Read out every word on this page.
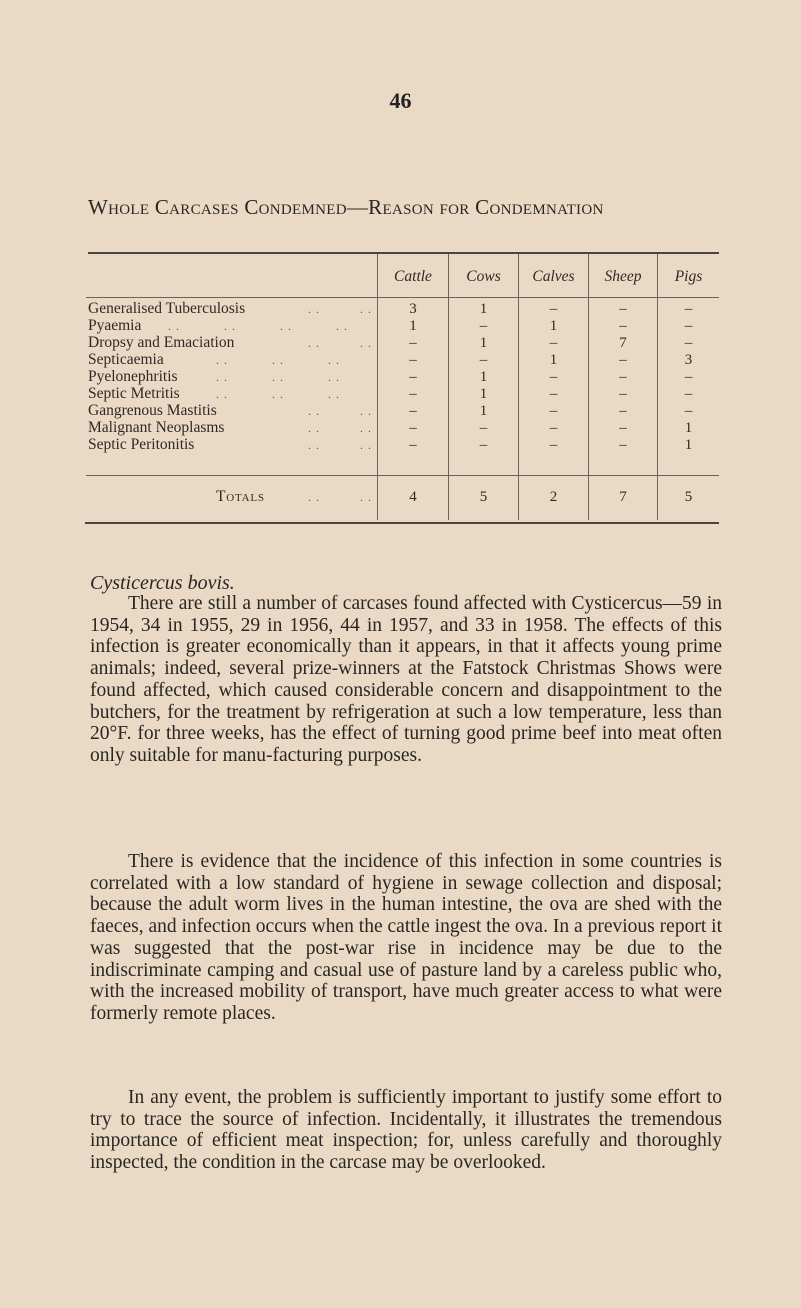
46
Whole Carcases Condemned—Reason for Condemnation
Cattle	Cows	Calves	Sheep	Pigs
Generalised Tuberculosis	. .          . .	3	1	–	–	–
Pyaemia	. .           . .           . .           . .	1	–	1	–	–
Dropsy and Emaciation	. .          . .	–	1	–	7	–
Septicaemia	. .           . .           . .	–	–	1	–	3
Pyelonephritis	. .           . .           . .	–	1	–	–	–
Septic Metritis	. .           . .           . .	–	1	–	–	–
Gangrenous Mastitis	. .          . .	–	1	–	–	–
Malignant Neoplasms	. .          . .	–	–	–	–	1
Septic Peritonitis	. .          . .	–	–	–	–	1
Totals	. .          . .	4	5	2	7	5
Cysticercus bovis.

There are still a number of carcases found affected with Cysticercus—59 in 1954, 34 in 1955, 29 in 1956, 44 in 1957, and 33 in 1958. The effects of this infection is greater economically than it appears, in that it affects young prime animals; indeed, several prize-winners at the Fatstock Christmas Shows were found affected, which caused considerable concern and disappointment to the butchers, for the treatment by refrigeration at such a low temperature, less than 20°F. for three weeks, has the effect of turning good prime beef into meat often only suitable for manu-facturing purposes.

There is evidence that the incidence of this infection in some countries is correlated with a low standard of hygiene in sewage collection and disposal; because the adult worm lives in the human intestine, the ova are shed with the faeces, and infection occurs when the cattle ingest the ova. In a previous report it was suggested that the post-war rise in incidence may be due to the indiscriminate camping and casual use of pasture land by a careless public who, with the increased mobility of transport, have much greater access to what were formerly remote places.

In any event, the problem is sufficiently important to justify some effort to try to trace the source of infection. Incidentally, it illustrates the tremendous importance of efficient meat inspection; for, unless carefully and thoroughly inspected, the condition in the carcase may be overlooked.
